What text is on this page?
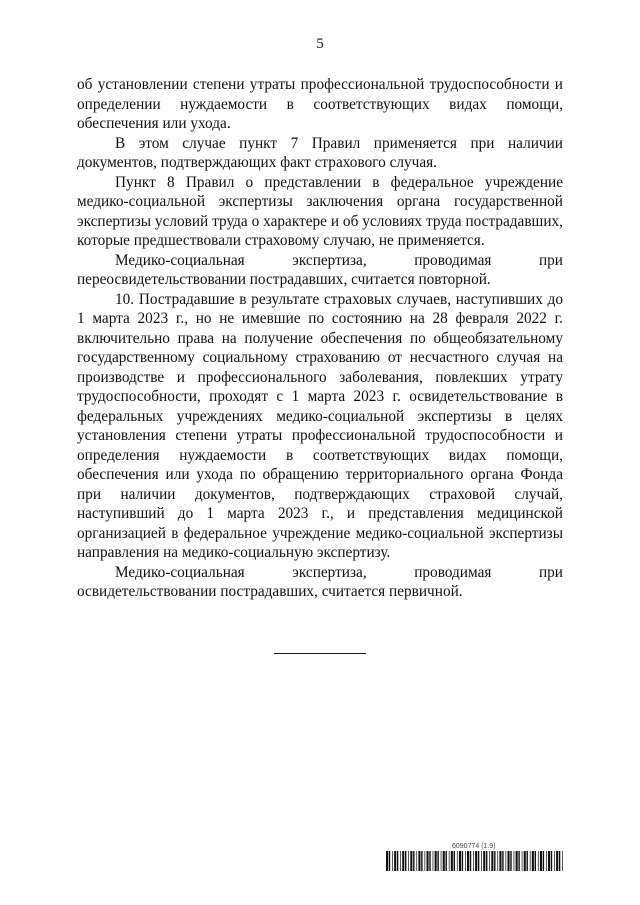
5

об установлении степени утраты профессиональной трудоспособности и определении нуждаемости в соответствующих видах помощи, обеспечения или ухода.

В этом случае пункт 7 Правил применяется при наличии документов, подтверждающих факт страхового случая.

Пункт 8 Правил о представлении в федеральное учреждение медико-социальной экспертизы заключения органа государственной экспертизы условий труда о характере и об условиях труда пострадавших, которые предшествовали страховому случаю, не применяется.

Медико-социальная экспертиза, проводимая при переосвидетельствовании пострадавших, считается повторной.

10. Пострадавшие в результате страховых случаев, наступивших до 1 марта 2023 г., но не имевшие по состоянию на 28 февраля 2022 г. включительно права на получение обеспечения по общеобязательному государственному социальному страхованию от несчастного случая на производстве и профессионального заболевания, повлекших утрату трудоспособности, проходят с 1 марта 2023 г. освидетельствование в федеральных учреждениях медико-социальной экспертизы в целях установления степени утраты профессиональной трудоспособности и определения нуждаемости в соответствующих видах помощи, обеспечения или ухода по обращению территориального органа Фонда при наличии документов, подтверждающих страховой случай, наступивший до 1 марта 2023 г., и представления медицинской организацией в федеральное учреждение медико-социальной экспертизы направления на медико-социальную экспертизу.

Медико-социальная экспертиза, проводимая при освидетельствовании пострадавших, считается первичной.

6090774 (1.9)
